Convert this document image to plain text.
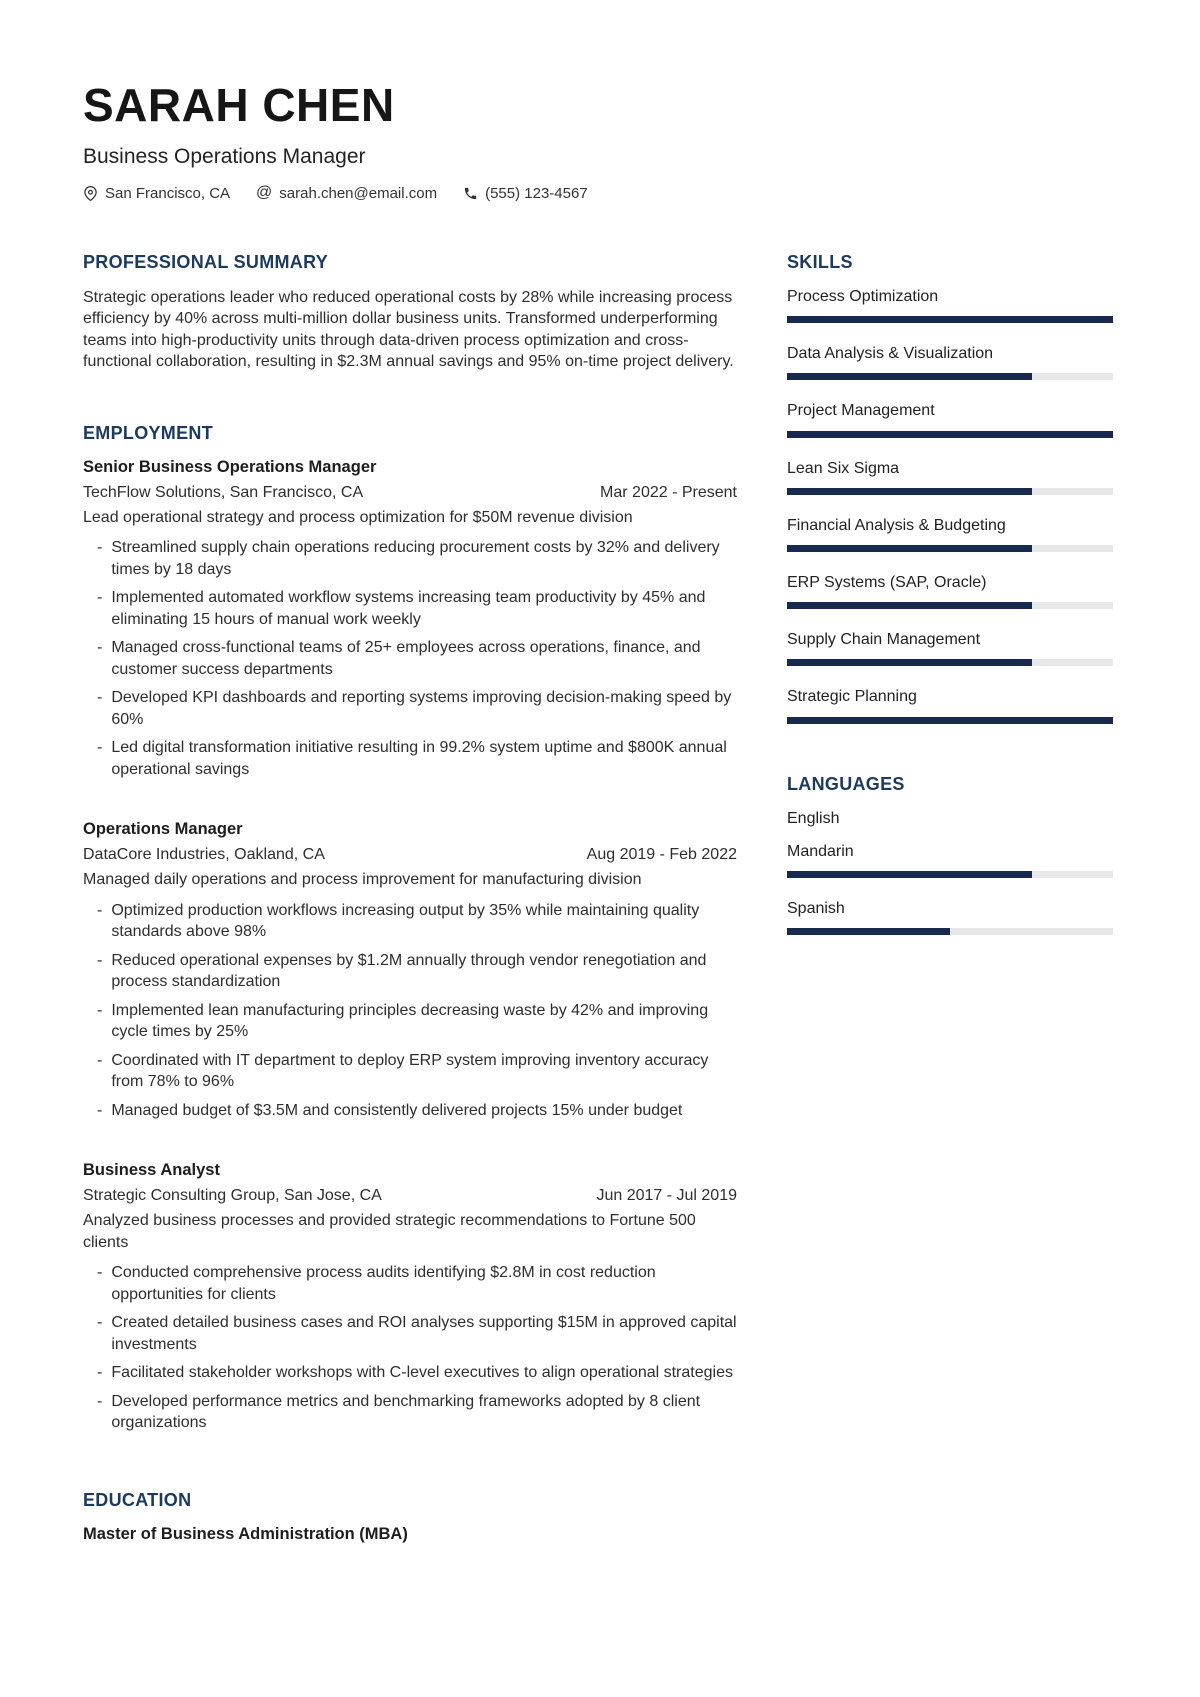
SARAH CHEN
Business Operations Manager
San Francisco, CA @ sarah.chen@email.com	(555) 123-4567
PROFESSIONAL SUMMARY

Strategic operations leader who reduced operational costs by 28% while increasing process efficiency by 40% across multi-million dollar business units. Transformed underperforming teams into high-productivity units through data-driven process optimization and cross-functional collaboration, resulting in $2.3M annual savings and 95% on-time project delivery.

EMPLOYMENT
Senior Business Operations Manager
TechFlow Solutions, San Francisco, CA	Mar 2022 - Present

Lead operational strategy and process optimization for $50M revenue division

-
Streamlined supply chain operations reducing procurement costs by 32% and delivery times by 18 days
-
Implemented automated workflow systems increasing team productivity by 45% and eliminating 15 hours of manual work weekly
-
Managed cross-functional teams of 25+ employees across operations, finance, and customer success departments
-
Developed KPI dashboards and reporting systems improving decision-making speed by 60%
-
Led digital transformation initiative resulting in 99.2% system uptime and $800K annual operational savings
Operations Manager
DataCore Industries, Oakland, CA	Aug 2019 - Feb 2022

Managed daily operations and process improvement for manufacturing division

-
Optimized production workflows increasing output by 35% while maintaining quality standards above 98%
-
Reduced operational expenses by $1.2M annually through vendor renegotiation and process standardization
-
Implemented lean manufacturing principles decreasing waste by 42% and improving cycle times by 25%
-
Coordinated with IT department to deploy ERP system improving inventory accuracy from 78% to 96%
-
Managed budget of $3.5M and consistently delivered projects 15% under budget
Business Analyst
Strategic Consulting Group, San Jose, CA	Jun 2017 - Jul 2019

Analyzed business processes and provided strategic recommendations to Fortune 500 clients

-
Conducted comprehensive process audits identifying $2.8M in cost reduction opportunities for clients
-
Created detailed business cases and ROI analyses supporting $15M in approved capital investments
-
Facilitated stakeholder workshops with C-level executives to align operational strategies
-
Developed performance metrics and benchmarking frameworks adopted by 8 client organizations
EDUCATION

Master of Business Administration (MBA)

SKILLS
Process Optimization
Data Analysis & Visualization
Project Management
Lean Six Sigma
Financial Analysis & Budgeting
ERP Systems (SAP, Oracle)
Supply Chain Management
Strategic Planning
LANGUAGES
English
Mandarin
Spanish
